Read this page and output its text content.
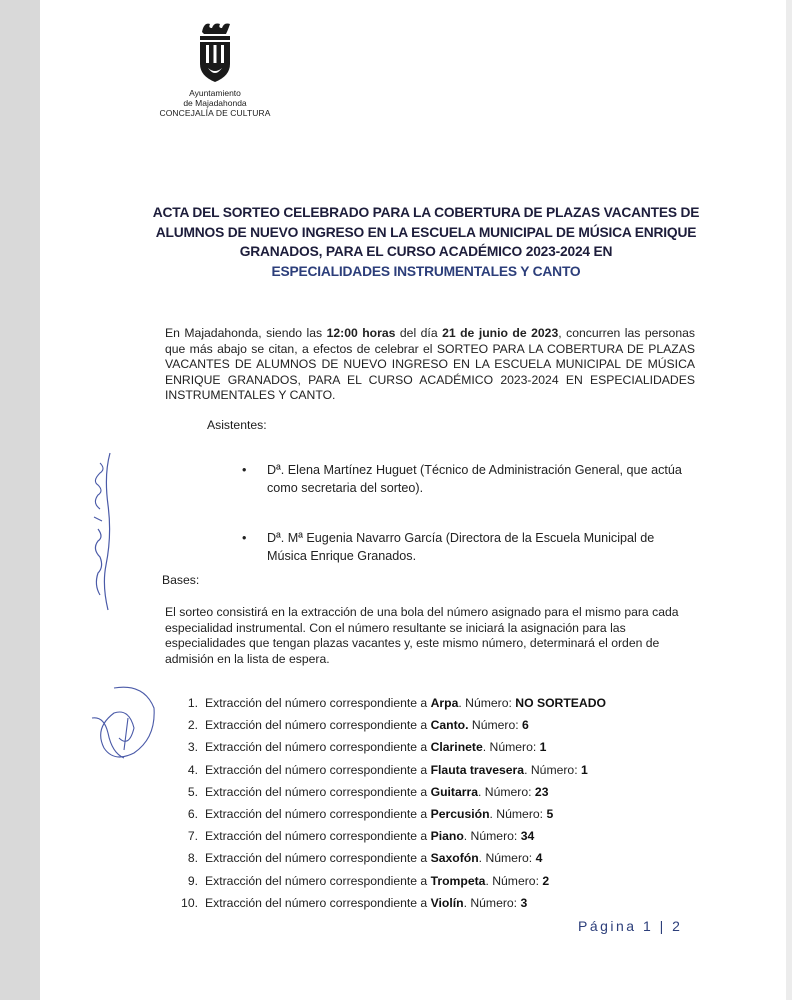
Ayuntamiento
de Majadahonda
CONCEJALÍA DE CULTURA
ACTA DEL SORTEO CELEBRADO PARA LA COBERTURA DE PLAZAS VACANTES DE
ALUMNOS DE NUEVO INGRESO EN LA ESCUELA MUNICIPAL DE MÚSICA ENRIQUE
GRANADOS, PARA EL CURSO ACADÉMICO 2023-2024 EN
ESPECIALIDADES INSTRUMENTALES Y CANTO
En Majadahonda, siendo las 12:00 horas del día 21 de junio de 2023, concurren las personas que más abajo se citan, a efectos de celebrar el SORTEO PARA LA COBERTURA DE PLAZAS VACANTES DE ALUMNOS DE NUEVO INGRESO EN LA ESCUELA MUNICIPAL DE MÚSICA ENRIQUE GRANADOS, PARA EL CURSO ACADÉMICO 2023-2024 EN ESPECIALIDADES INSTRUMENTALES Y CANTO.
Asistentes:
• Dª. Elena Martínez Huguet (Técnico de Administración General, que actúa como secretaria del sorteo).
• Dª. Mª Eugenia Navarro García (Directora de la Escuela Municipal de Música Enrique Granados.
Bases:
El sorteo consistirá en la extracción de una bola del número asignado para el mismo para cada especialidad instrumental. Con el número resultante se iniciará la asignación para las especialidades que tengan plazas vacantes y, este mismo número, determinará el orden de admisión en la lista de espera.
1. Extracción del número correspondiente a Arpa. Número: NO SORTEADO
2. Extracción del número correspondiente a Canto. Número: 6
3. Extracción del número correspondiente a Clarinete. Número: 1
4. Extracción del número correspondiente a Flauta travesera. Número: 1
5. Extracción del número correspondiente a Guitarra. Número: 23
6. Extracción del número correspondiente a Percusión. Número: 5
7. Extracción del número correspondiente a Piano. Número: 34
8. Extracción del número correspondiente a Saxofón. Número: 4
9. Extracción del número correspondiente a Trompeta. Número: 2
10. Extracción del número correspondiente a Violín. Número: 3
Página 1 | 2
